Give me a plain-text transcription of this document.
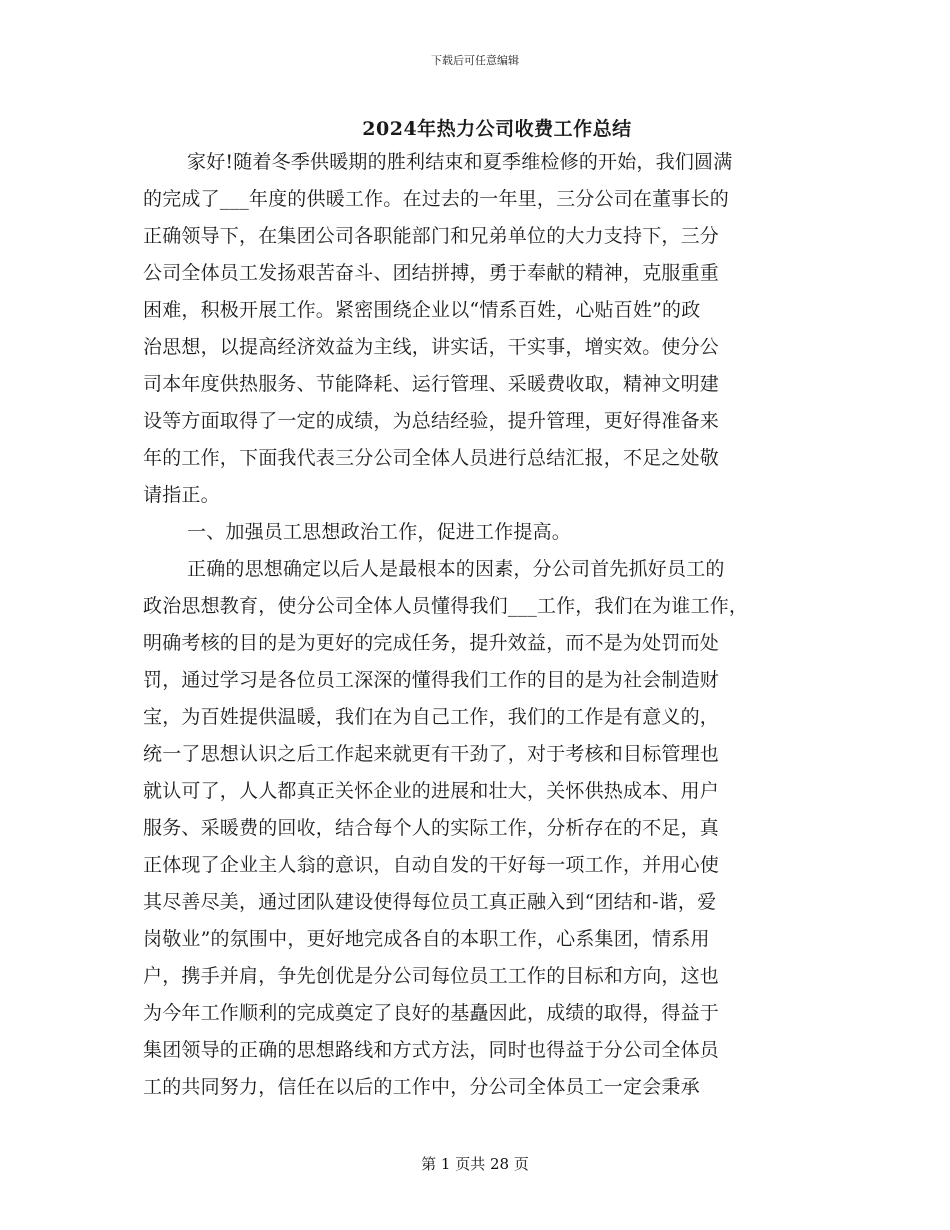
下载后可任意编辑
2024年热力公司收费工作总结
家好!随着冬季供暖期的胜利结束和夏季维检修的开始，我们圆满
的完成了___年度的供暖工作。在过去的一年里，三分公司在董事长的
正确领导下，在集团公司各职能部门和兄弟单位的大力支持下，三分
公司全体员工发扬艰苦奋斗、团结拼搏，勇于奉献的精神，克服重重
困难，积极开展工作。紧密围绕企业以“情系百姓，心贴百姓”的政
治思想，以提高经济效益为主线，讲实话，干实事，增实效。使分公
司本年度供热服务、节能降耗、运行管理、采暖费收取，精神文明建
设等方面取得了一定的成绩，为总结经验，提升管理，更好得准备来
年的工作，下面我代表三分公司全体人员进行总结汇报，不足之处敬
请指正。
一、加强员工思想政治工作，促进工作提高。
正确的思想确定以后人是最根本的因素，分公司首先抓好员工的
政治思想教育，使分公司全体人员懂得我们___工作，我们在为谁工作，
明确考核的目的是为更好的完成任务，提升效益，而不是为处罚而处
罚，通过学习是各位员工深深的懂得我们工作的目的是为社会制造财
宝，为百姓提供温暖，我们在为自己工作，我们的工作是有意义的，
统一了思想认识之后工作起来就更有干劲了，对于考核和目标管理也
就认可了，人人都真正关怀企业的进展和壮大，关怀供热成本、用户
服务、采暖费的回收，结合每个人的实际工作，分析存在的不足，真
正体现了企业主人翁的意识，自动自发的干好每一项工作，并用心使
其尽善尽美，通过团队建设使得每位员工真正融入到“团结和-谐，爱
岗敬业”的氛围中，更好地完成各自的本职工作，心系集团，情系用
户，携手并肩，争先创优是分公司每位员工工作的目标和方向，这也
为今年工作顺利的完成奠定了良好的基矗因此，成绩的取得，得益于
集团领导的正确的思想路线和方式方法，同时也得益于分公司全体员
工的共同努力，信任在以后的工作中，分公司全体员工一定会秉承
第 1 页共 28 页
